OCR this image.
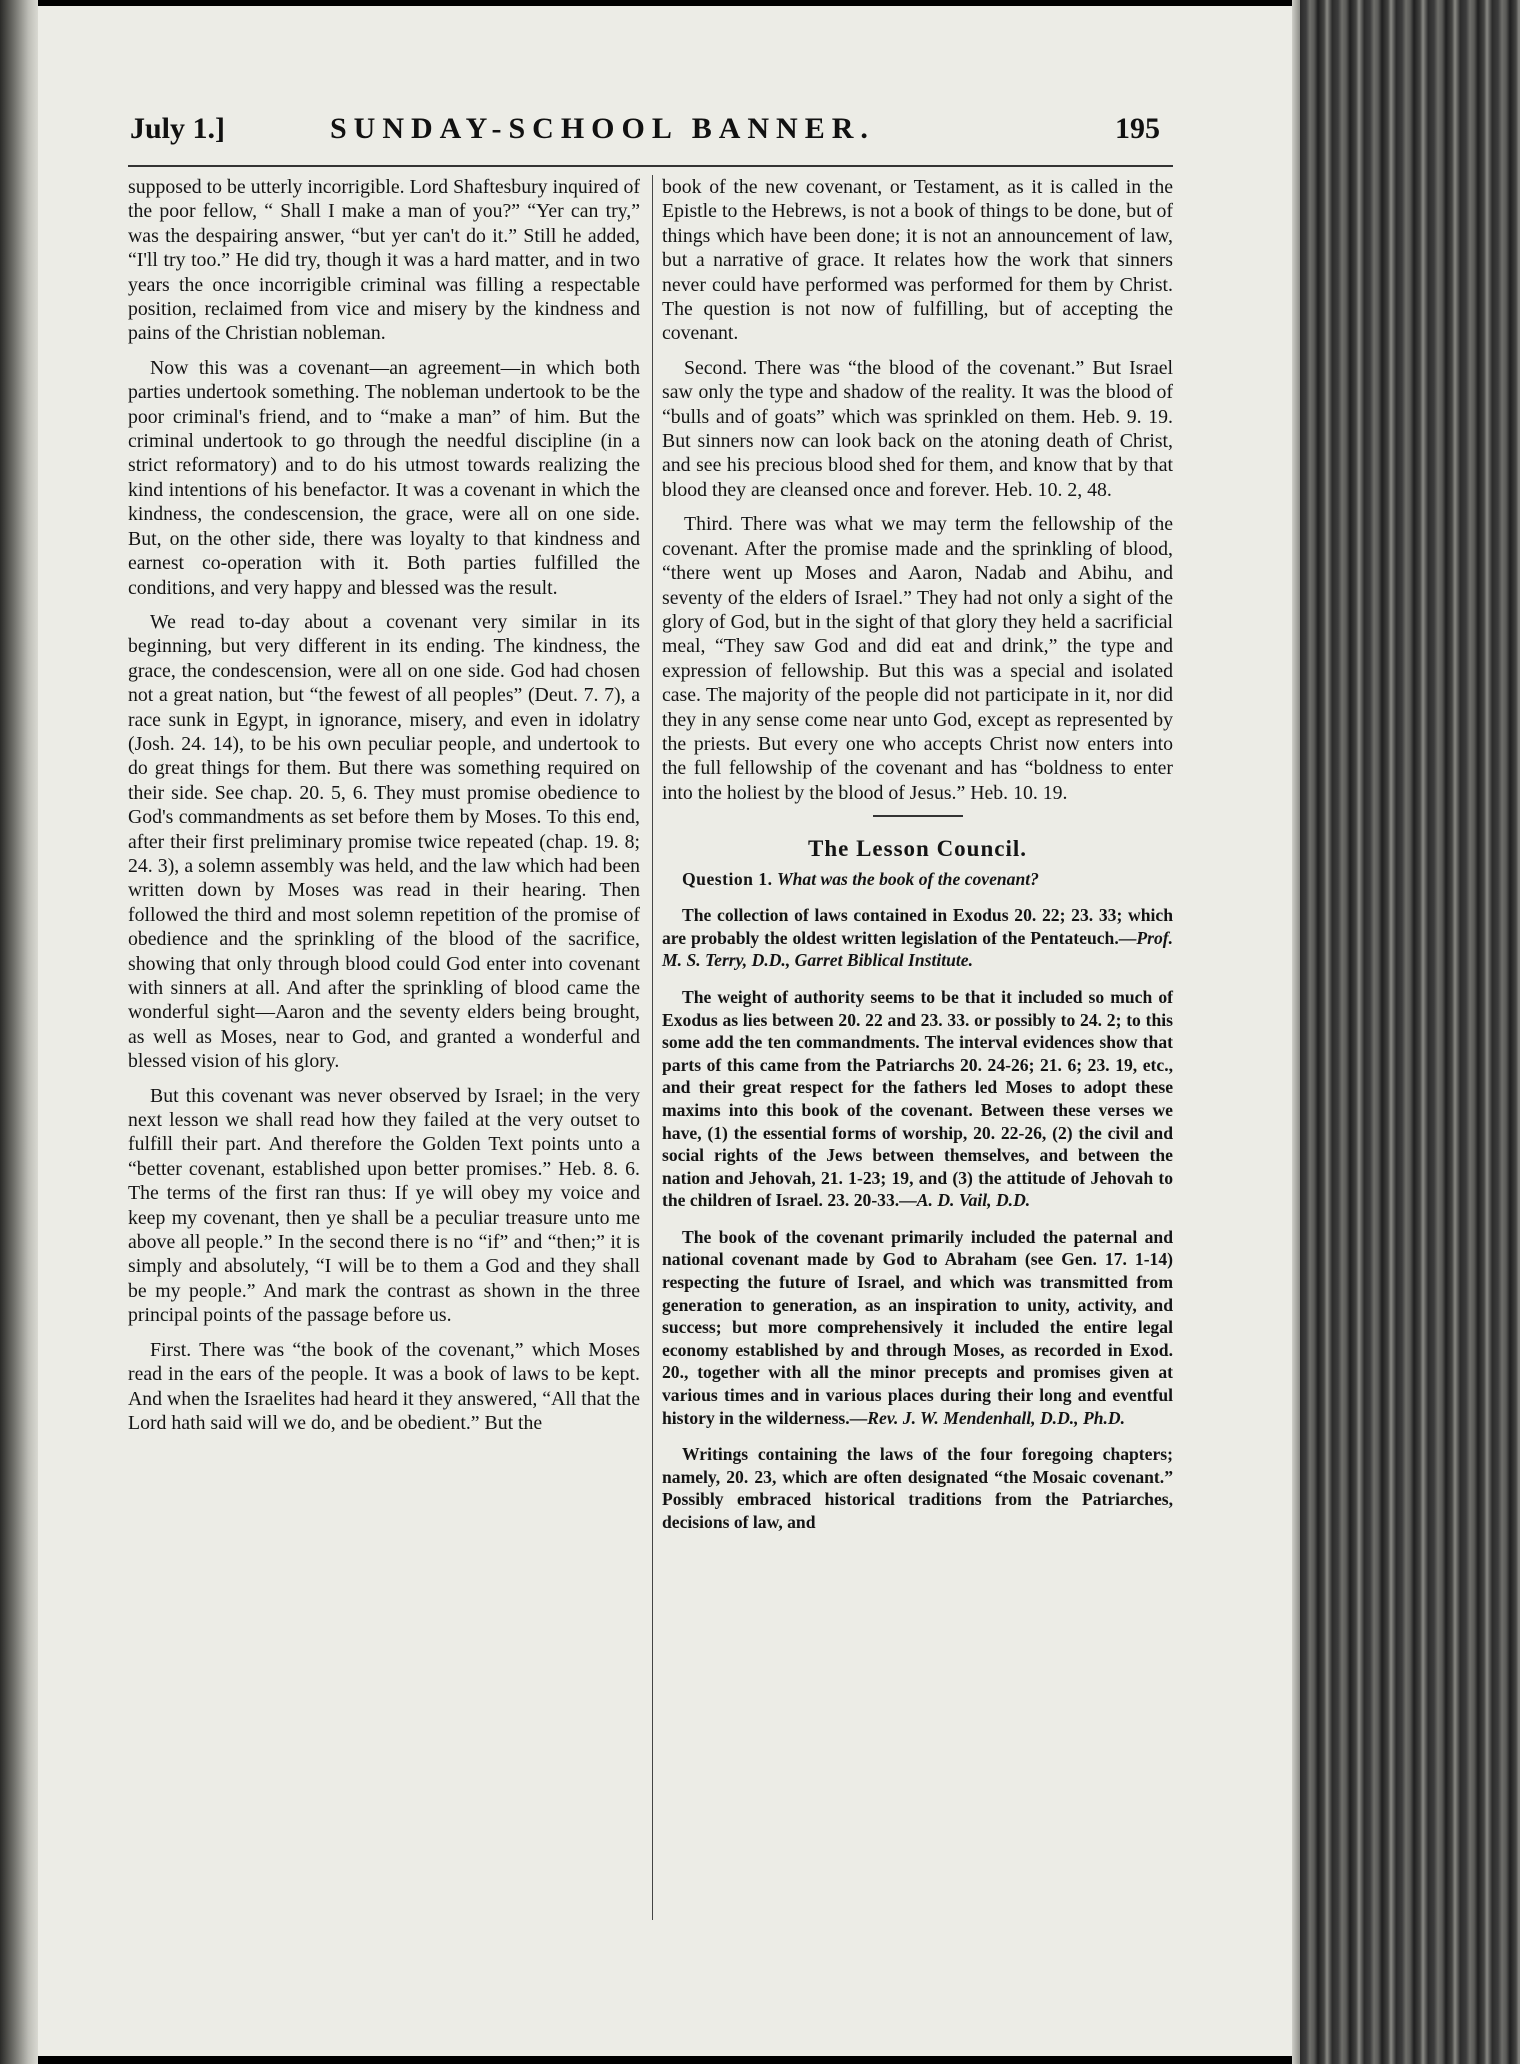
July 1.]	SUNDAY-SCHOOL BANNER.	195

supposed to be utterly incorrigible. Lord Shaftesbury inquired of the poor fellow, “ Shall I make a man of you?” “Yer can try,” was the despairing answer, “but yer can't do it.” Still he added, “I'll try too.” He did try, though it was a hard matter, and in two years the once incorrigible criminal was filling a respectable position, reclaimed from vice and misery by the kindness and pains of the Christian nobleman.

Now this was a covenant—an agreement—in which both parties undertook something. The nobleman undertook to be the poor criminal's friend, and to “make a man” of him. But the criminal undertook to go through the needful discipline (in a strict reformatory) and to do his utmost towards realizing the kind intentions of his benefactor. It was a covenant in which the kindness, the condescension, the grace, were all on one side. But, on the other side, there was loyalty to that kindness and earnest co-operation with it. Both parties fulfilled the conditions, and very happy and blessed was the result.

We read to-day about a covenant very similar in its beginning, but very different in its ending. The kindness, the grace, the condescension, were all on one side. God had chosen not a great nation, but “the fewest of all peoples” (Deut. 7. 7), a race sunk in Egypt, in ignorance, misery, and even in idolatry (Josh. 24. 14), to be his own peculiar people, and undertook to do great things for them. But there was something required on their side. See chap. 20. 5, 6. They must promise obedience to God's commandments as set before them by Moses. To this end, after their first preliminary promise twice repeated (chap. 19. 8; 24. 3), a solemn assembly was held, and the law which had been written down by Moses was read in their hearing. Then followed the third and most solemn repetition of the promise of obedience and the sprinkling of the blood of the sacrifice, showing that only through blood could God enter into covenant with sinners at all. And after the sprinkling of blood came the wonderful sight—Aaron and the seventy elders being brought, as well as Moses, near to God, and granted a wonderful and blessed vision of his glory.

But this covenant was never observed by Israel; in the very next lesson we shall read how they failed at the very outset to fulfill their part. And therefore the Golden Text points unto a “better covenant, established upon better promises.” Heb. 8. 6. The terms of the first ran thus: If ye will obey my voice and keep my covenant, then ye shall be a peculiar treasure unto me above all people.” In the second there is no “if” and “then;” it is simply and absolutely, “I will be to them a God and they shall be my people.” And mark the contrast as shown in the three principal points of the passage before us.

First. There was “the book of the covenant,” which Moses read in the ears of the people. It was a book of laws to be kept. And when the Israelites had heard it they answered, “All that the Lord hath said will we do, and be obedient.” But the

book of the new covenant, or Testament, as it is called in the Epistle to the Hebrews, is not a book of things to be done, but of things which have been done; it is not an announcement of law, but a narrative of grace. It relates how the work that sinners never could have performed was performed for them by Christ. The question is not now of fulfilling, but of accepting the covenant.

Second. There was “the blood of the covenant.” But Israel saw only the type and shadow of the reality. It was the blood of “bulls and of goats” which was sprinkled on them. Heb. 9. 19. But sinners now can look back on the atoning death of Christ, and see his precious blood shed for them, and know that by that blood they are cleansed once and forever. Heb. 10. 2, 48.

Third. There was what we may term the fellowship of the covenant. After the promise made and the sprinkling of blood, “there went up Moses and Aaron, Nadab and Abihu, and seventy of the elders of Israel.” They had not only a sight of the glory of God, but in the sight of that glory they held a sacrificial meal, “They saw God and did eat and drink,” the type and expression of fellowship. But this was a special and isolated case. The majority of the people did not participate in it, nor did they in any sense come near unto God, except as represented by the priests. But every one who accepts Christ now enters into the full fellowship of the covenant and has “boldness to enter into the holiest by the blood of Jesus.” Heb. 10. 19.

The Lesson Council.

Question 1. What was the book of the covenant?

The collection of laws contained in Exodus 20. 22; 23. 33; which are probably the oldest written legislation of the Pentateuch.—Prof. M. S. Terry, D.D., Garret Biblical Institute.

The weight of authority seems to be that it included so much of Exodus as lies between 20. 22 and 23. 33. or possibly to 24. 2; to this some add the ten commandments. The interval evidences show that parts of this came from the Patriarchs 20. 24-26; 21. 6; 23. 19, etc., and their great respect for the fathers led Moses to adopt these maxims into this book of the covenant. Between these verses we have, (1) the essential forms of worship, 20. 22-26, (2) the civil and social rights of the Jews between themselves, and between the nation and Jehovah, 21. 1-23; 19, and (3) the attitude of Jehovah to the children of Israel. 23. 20-33.—A. D. Vail, D.D.

The book of the covenant primarily included the paternal and national covenant made by God to Abraham (see Gen. 17. 1-14) respecting the future of Israel, and which was transmitted from generation to generation, as an inspiration to unity, activity, and success; but more comprehensively it included the entire legal economy established by and through Moses, as recorded in Exod. 20., together with all the minor precepts and promises given at various times and in various places during their long and eventful history in the wilderness.—Rev. J. W. Mendenhall, D.D., Ph.D.

Writings containing the laws of the four foregoing chapters; namely, 20. 23, which are often designated “the Mosaic covenant.” Possibly embraced historical traditions from the Patriarches, decisions of law, and
